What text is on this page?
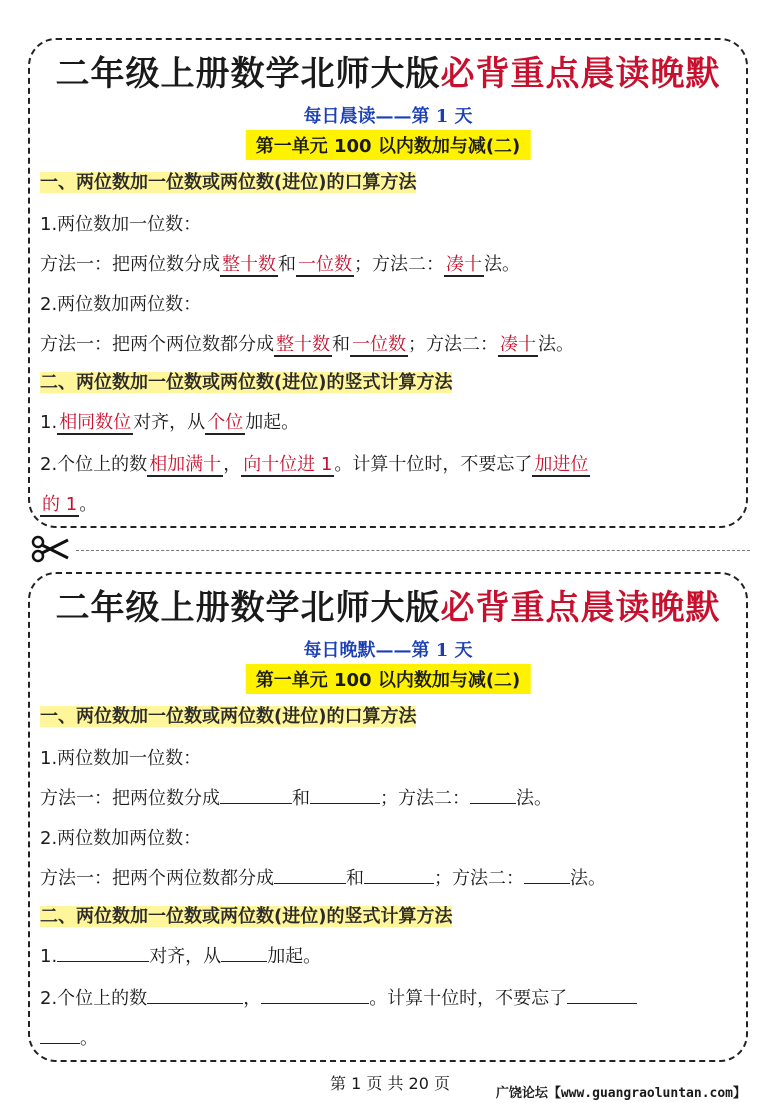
二年级上册数学北师大版必背重点晨读晚默
每日晨读——第 1 天
第一单元 100 以内数加与减(二)
一、两位数加一位数或两位数(进位)的口算方法
1.两位数加一位数：
方法一：把两位数分成 整十数 和 一位数 ；方法二： 凑十 法。
2.两位数加两位数：
方法一：把两个两位数都分成 整十数 和 一位数 ；方法二： 凑十 法。
二、两位数加一位数或两位数(进位)的竖式计算方法
1. 相同数位 对齐，从 个位 加起。
2.个位上的数 相加满十 ， 向十位进 1 。计算十位时，不要忘了 加进位
的 1 。
二年级上册数学北师大版必背重点晨读晚默
每日晚默——第 1 天
第一单元 100 以内数加与减(二)
一、两位数加一位数或两位数(进位)的口算方法
1.两位数加一位数：
方法一：把两位数分成	和	；方法二：	法。
2.两位数加两位数：
方法一：把两个两位数都分成	和	；方法二：	法。
二、两位数加一位数或两位数(进位)的竖式计算方法
1.	对齐，从	加起。
2.个位上的数	，	。计算十位时，不要忘了
。
第 1 页 共 20 页
广饶论坛【www.guangraoluntan.com】
